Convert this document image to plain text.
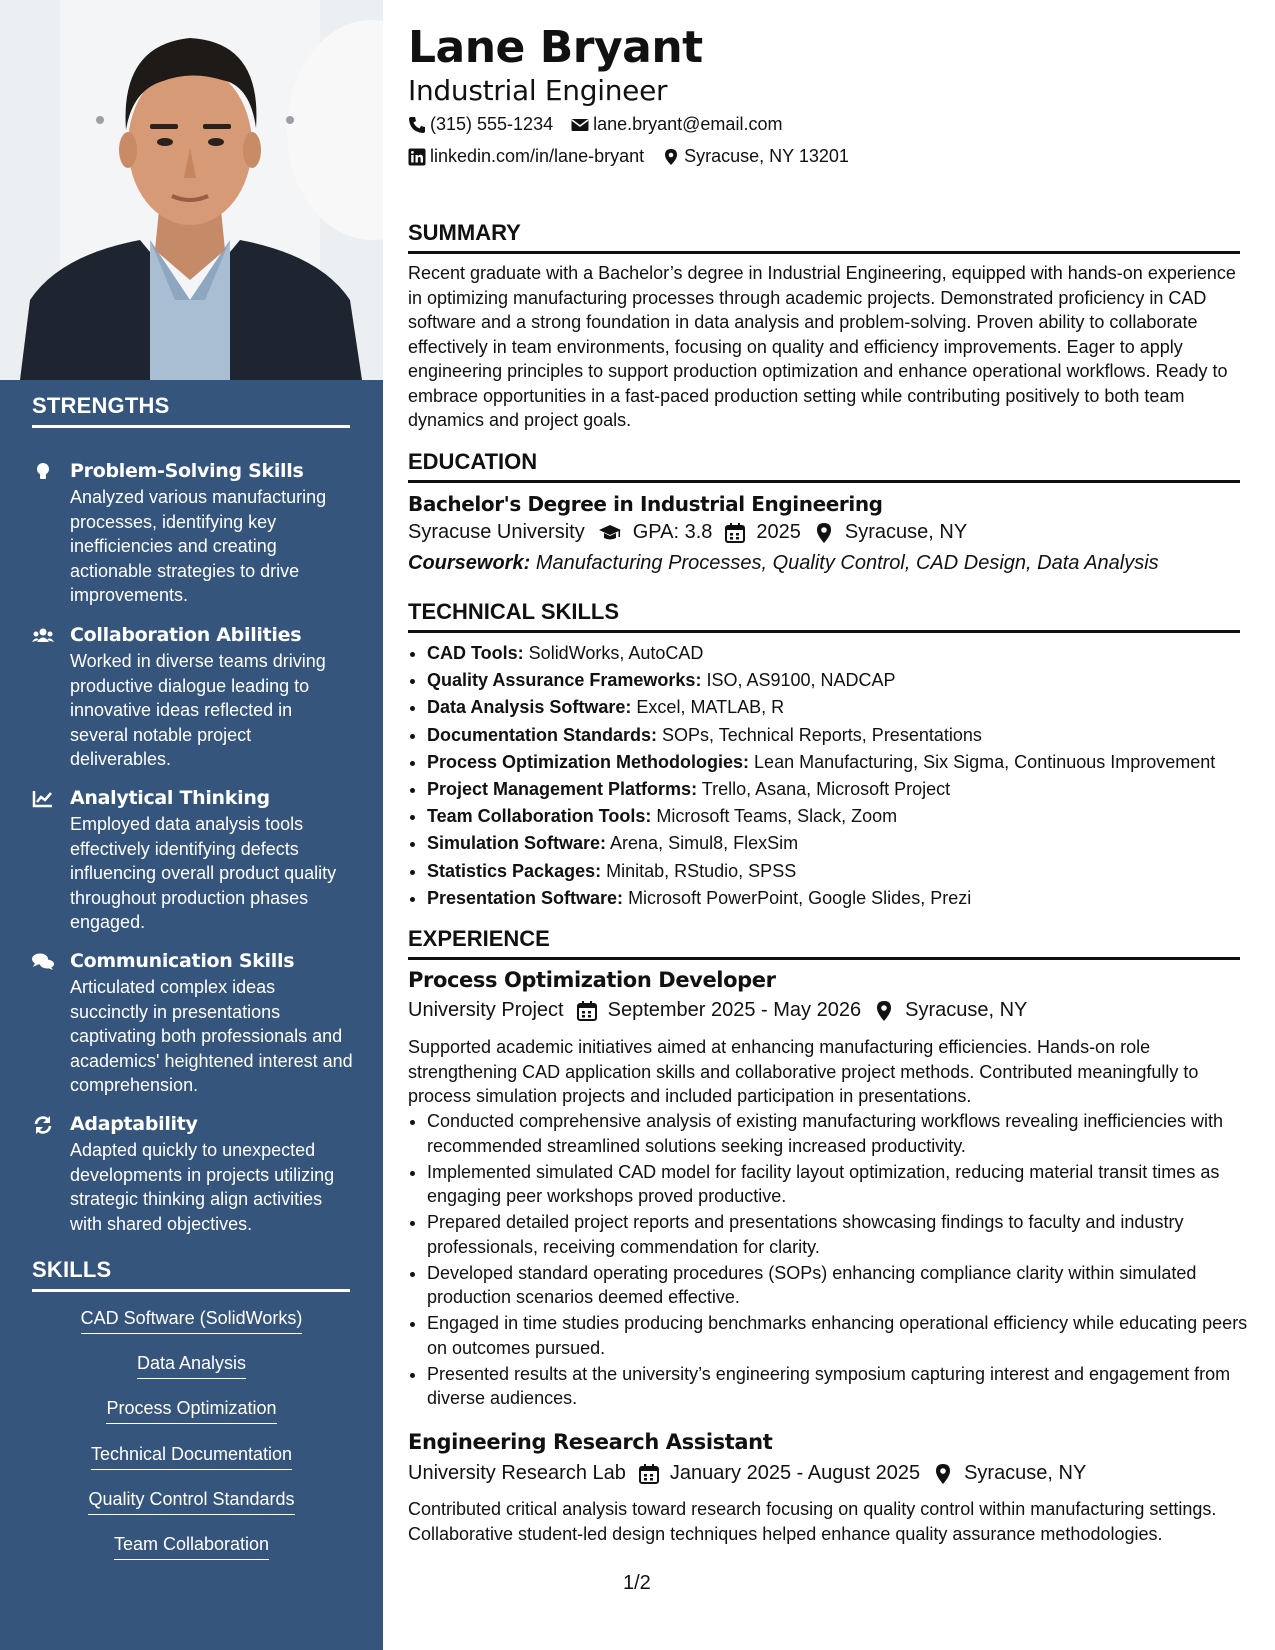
STRENGTHS
Problem-Solving Skills
Analyzed various manufacturing processes, identifying key inefficiencies and creating actionable strategies to drive improvements.
Collaboration Abilities
Worked in diverse teams driving productive dialogue leading to innovative ideas reflected in several notable project deliverables.
Analytical Thinking
Employed data analysis tools effectively identifying defects influencing overall product quality throughout production phases engaged.
Communication Skills
Articulated complex ideas succinctly in presentations captivating both professionals and academics' heightened interest and comprehension.
Adaptability
Adapted quickly to unexpected developments in projects utilizing strategic thinking align activities with shared objectives.
SKILLS
CAD Software (SolidWorks)
Data Analysis
Process Optimization
Technical Documentation
Quality Control Standards
Team Collaboration
Lane Bryant
Industrial Engineer
(315) 555-1234 lane.bryant@email.com
linkedin.com/in/lane-bryant Syracuse, NY 13201
SUMMARY
Recent graduate with a Bachelor’s degree in Industrial Engineering, equipped with hands-on experience in optimizing manufacturing processes through academic projects. Demonstrated proficiency in CAD software and a strong foundation in data analysis and problem-solving. Proven ability to collaborate effectively in team environments, focusing on quality and efficiency improvements. Eager to apply engineering principles to support production optimization and enhance operational workflows. Ready to embrace opportunities in a fast-paced production setting while contributing positively to both team dynamics and project goals.
EDUCATION
Bachelor's Degree in Industrial Engineering
Syracuse University GPA: 3.8 2025 Syracuse, NY
Coursework: Manufacturing Processes, Quality Control, CAD Design, Data Analysis
TECHNICAL SKILLS
• CAD Tools: SolidWorks, AutoCAD
• Quality Assurance Frameworks: ISO, AS9100, NADCAP
• Data Analysis Software: Excel, MATLAB, R
• Documentation Standards: SOPs, Technical Reports, Presentations
• Process Optimization Methodologies: Lean Manufacturing, Six Sigma, Continuous Improvement
• Project Management Platforms: Trello, Asana, Microsoft Project
• Team Collaboration Tools: Microsoft Teams, Slack, Zoom
• Simulation Software: Arena, Simul8, FlexSim
• Statistics Packages: Minitab, RStudio, SPSS
• Presentation Software: Microsoft PowerPoint, Google Slides, Prezi
EXPERIENCE
Process Optimization Developer
University Project September 2025 - May 2026 Syracuse, NY
Supported academic initiatives aimed at enhancing manufacturing efficiencies. Hands-on role strengthening CAD application skills and collaborative project methods. Contributed meaningfully to process simulation projects and included participation in presentations.
• Conducted comprehensive analysis of existing manufacturing workflows revealing inefficiencies with recommended streamlined solutions seeking increased productivity.
• Implemented simulated CAD model for facility layout optimization, reducing material transit times as engaging peer workshops proved productive.
• Prepared detailed project reports and presentations showcasing findings to faculty and industry professionals, receiving commendation for clarity.
• Developed standard operating procedures (SOPs) enhancing compliance clarity within simulated production scenarios deemed effective.
• Engaged in time studies producing benchmarks enhancing operational efficiency while educating peers on outcomes pursued.
• Presented results at the university’s engineering symposium capturing interest and engagement from diverse audiences.
Engineering Research Assistant
University Research Lab January 2025 - August 2025 Syracuse, NY
Contributed critical analysis toward research focusing on quality control within manufacturing settings. Collaborative student-led design techniques helped enhance quality assurance methodologies.
1/2
